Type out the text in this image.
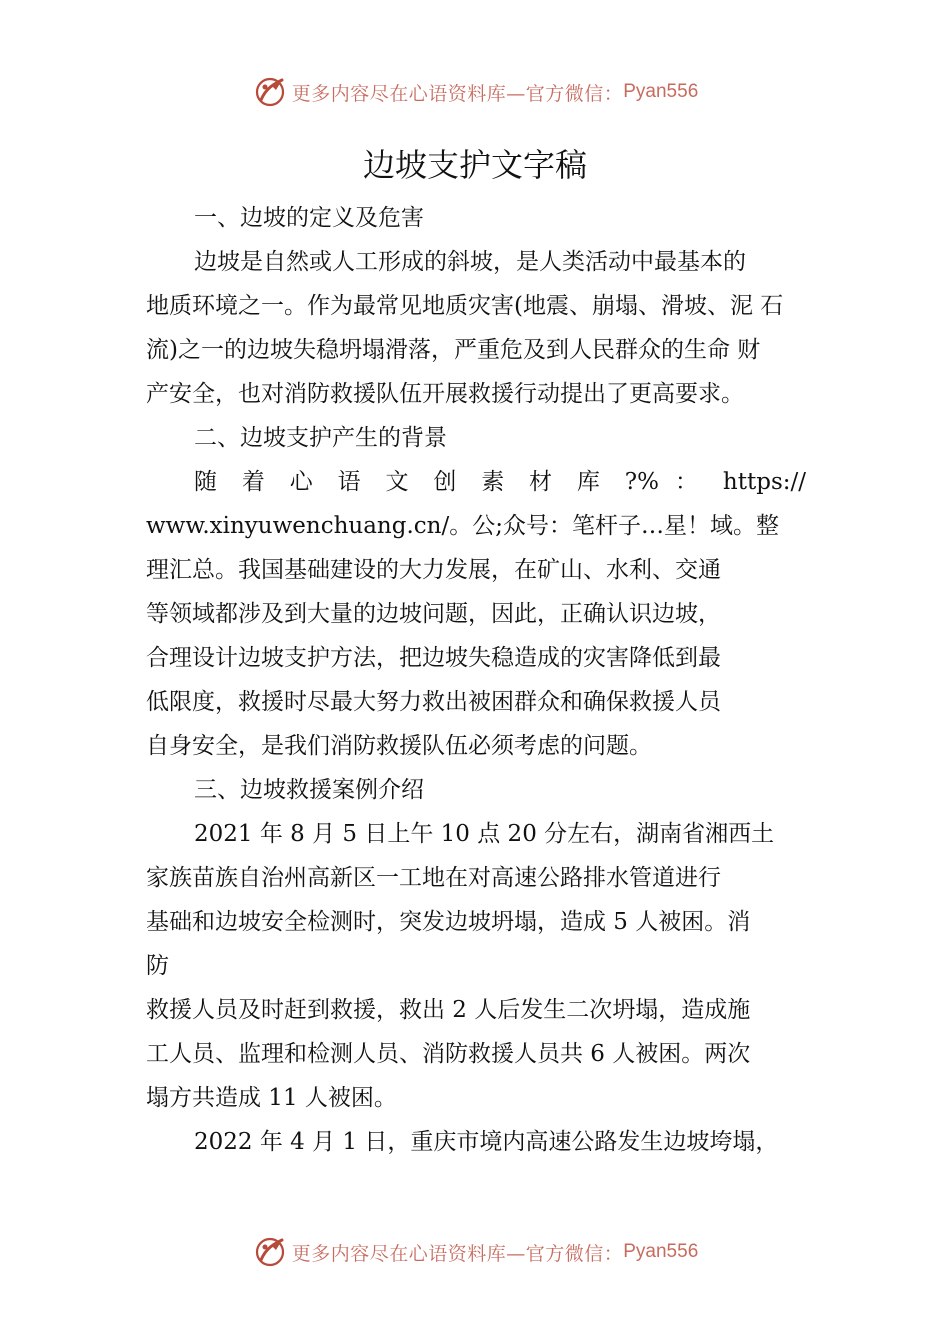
更多内容尽在心语资料库—官方微信： Pyan556
边坡支护文字稿
一、边坡的定义及危害
边坡是自然或人工形成的斜坡，是人类活动中最基本的
地质环境之一。作为最常见地质灾害(地震、崩塌、滑坡、泥 石
流)之一的边坡失稳坍塌滑落，严重危及到人民群众的生命 财
产安全，也对消防救援队伍开展救援行动提出了更高要求。
二、边坡支护产生的背景
随 着 心 语 文 创 素 材 库 ?% ： https://
www.xinyuwenchuang.cn/。公;众号：笔杆子…星！域。整
理汇总。我国基础建设的大力发展，在矿山、水利、交通
等领域都涉及到大量的边坡问题，因此，正确认识边坡，
合理设计边坡支护方法，把边坡失稳造成的灾害降低到最
低限度，救援时尽最大努力救出被困群众和确保救援人员
自身安全，是我们消防救援队伍必须考虑的问题。
三、边坡救援案例介绍
2021 年 8 月 5 日上午 10 点 20 分左右，湖南省湘西土
家族苗族自治州高新区一工地在对高速公路排水管道进行
基础和边坡安全检测时，突发边坡坍塌，造成 5 人被困。消
防
救援人员及时赶到救援，救出 2 人后发生二次坍塌，造成施
工人员、监理和检测人员、消防救援人员共 6 人被困。两次
塌方共造成 11 人被困。
2022 年 4 月 1 日，重庆市境内高速公路发生边坡垮塌，
更多内容尽在心语资料库—官方微信： Pyan556
